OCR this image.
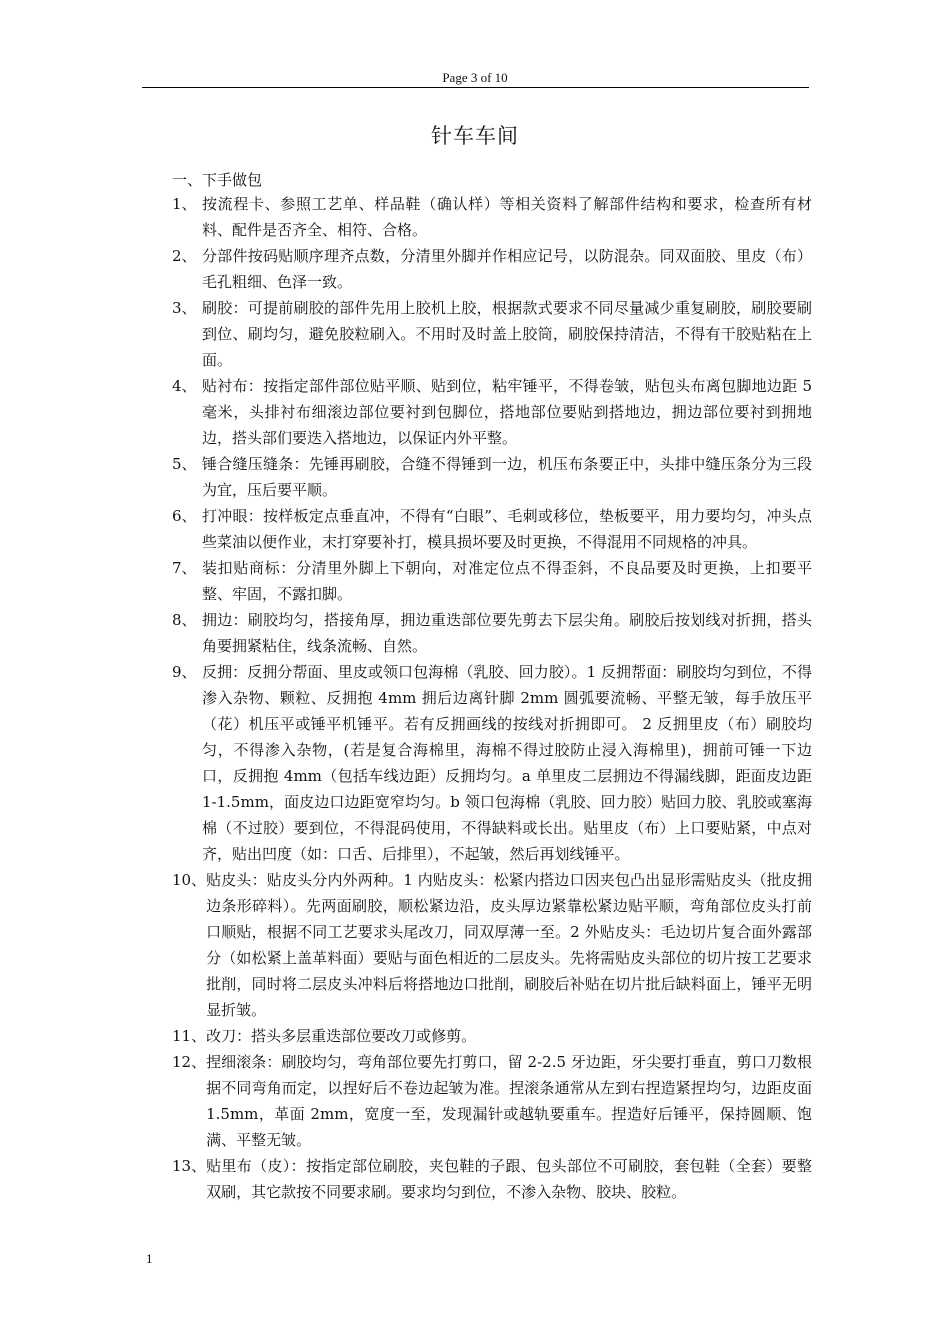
Page 3 of 10
针车车间
一、下手做包
1、 按流程卡、参照工艺单、样品鞋（确认样）等相关资料了解部件结构和要求，检查所有材料、配件是否齐全、相符、合格。
2、 分部件按码贴顺序理齐点数，分清里外脚并作相应记号，以防混杂。同双面胶、里皮（布）毛孔粗细、色泽一致。
3、 刷胶：可提前刷胶的部件先用上胶机上胶，根据款式要求不同尽量减少重复刷胶，刷胶要刷到位、刷均匀，避免胶粒刷入。不用时及时盖上胶筒，刷胶保持清洁，不得有干胶贴粘在上面。
4、 贴衬布：按指定部件部位贴平顺、贴到位，粘牢锤平，不得卷皱，贴包头布离包脚地边距 5 毫米，头排衬布细滚边部位要衬到包脚位，搭地部位要贴到搭地边，拥边部位要衬到拥地边，搭头部们要迭入搭地边，以保证内外平整。
5、 锤合缝压缝条：先锤再刷胶，合缝不得锤到一边，机压布条要正中，头排中缝压条分为三段为宜，压后要平顺。
6、 打冲眼：按样板定点垂直冲，不得有“白眼”、毛刺或移位，垫板要平，用力要均匀，冲头点些菜油以便作业，末打穿要补打，模具损坏要及时更换，不得混用不同规格的冲具。
7、 装扣贴商标：分清里外脚上下朝向，对准定位点不得歪斜，不良品要及时更换，上扣要平整、牢固，不露扣脚。
8、 拥边：刷胶均匀，搭接角厚，拥边重迭部位要先剪去下层尖角。刷胶后按划线对折拥，搭头角要拥紧粘住，线条流畅、自然。
9、 反拥：反拥分帮面、里皮或领口包海棉（乳胶、回力胶）。1 反拥帮面：刷胶均匀到位，不得渗入杂物、颗粒、反拥抱 4mm 拥后边离针脚 2mm 圆弧要流畅、平整无皱，每手放压平（花）机压平或锤平机锤平。若有反拥画线的按线对折拥即可。 2 反拥里皮（布）刷胶均匀，不得渗入杂物，(若是复合海棉里，海棉不得过胶防止浸入海棉里)，拥前可锤一下边口，反拥抱 4mm（包括车线边距）反拥均匀。a 单里皮二层拥边不得漏线脚，距面皮边距 1-1.5mm，面皮边口边距宽窄均匀。b 领口包海棉（乳胶、回力胶）贴回力胶、乳胶或塞海棉（不过胶）要到位，不得混码使用，不得缺料或长出。贴里皮（布）上口要贴紧，中点对齐，贴出凹度（如：口舌、后排里），不起皱，然后再划线锤平。
10、 贴皮头：贴皮头分内外两种。1 内贴皮头：松紧内搭边口因夹包凸出显形需贴皮头（批皮拥边条形碎料）。先两面刷胶，顺松紧边沿，皮头厚边紧靠松紧边贴平顺，弯角部位皮头打前口顺贴，根据不同工艺要求头尾改刀，同双厚薄一至。2 外贴皮头：毛边切片复合面外露部分（如松紧上盖革料面）要贴与面色相近的二层皮头。先将需贴皮头部位的切片按工艺要求批削，同时将二层皮头冲料后将搭地边口批削，刷胶后补贴在切片批后缺料面上，锤平无明显折皱。
11、 改刀：搭头多层重迭部位要改刀或修剪。
12、 捏细滚条：刷胶均匀，弯角部位要先打剪口，留 2-2.5 牙边距，牙尖要打垂直，剪口刀数根据不同弯角而定，以捏好后不卷边起皱为准。捏滚条通常从左到右捏造紧捏均匀，边距皮面 1.5mm，革面 2mm，宽度一至，发现漏针或越轨要重车。捏造好后锤平，保持圆顺、饱满、平整无皱。
13、 贴里布（皮）：按指定部位刷胶，夹包鞋的子跟、包头部位不可刷胶，套包鞋（全套）要整双刷，其它款按不同要求刷。要求均匀到位，不渗入杂物、胶块、胶粒。
1
